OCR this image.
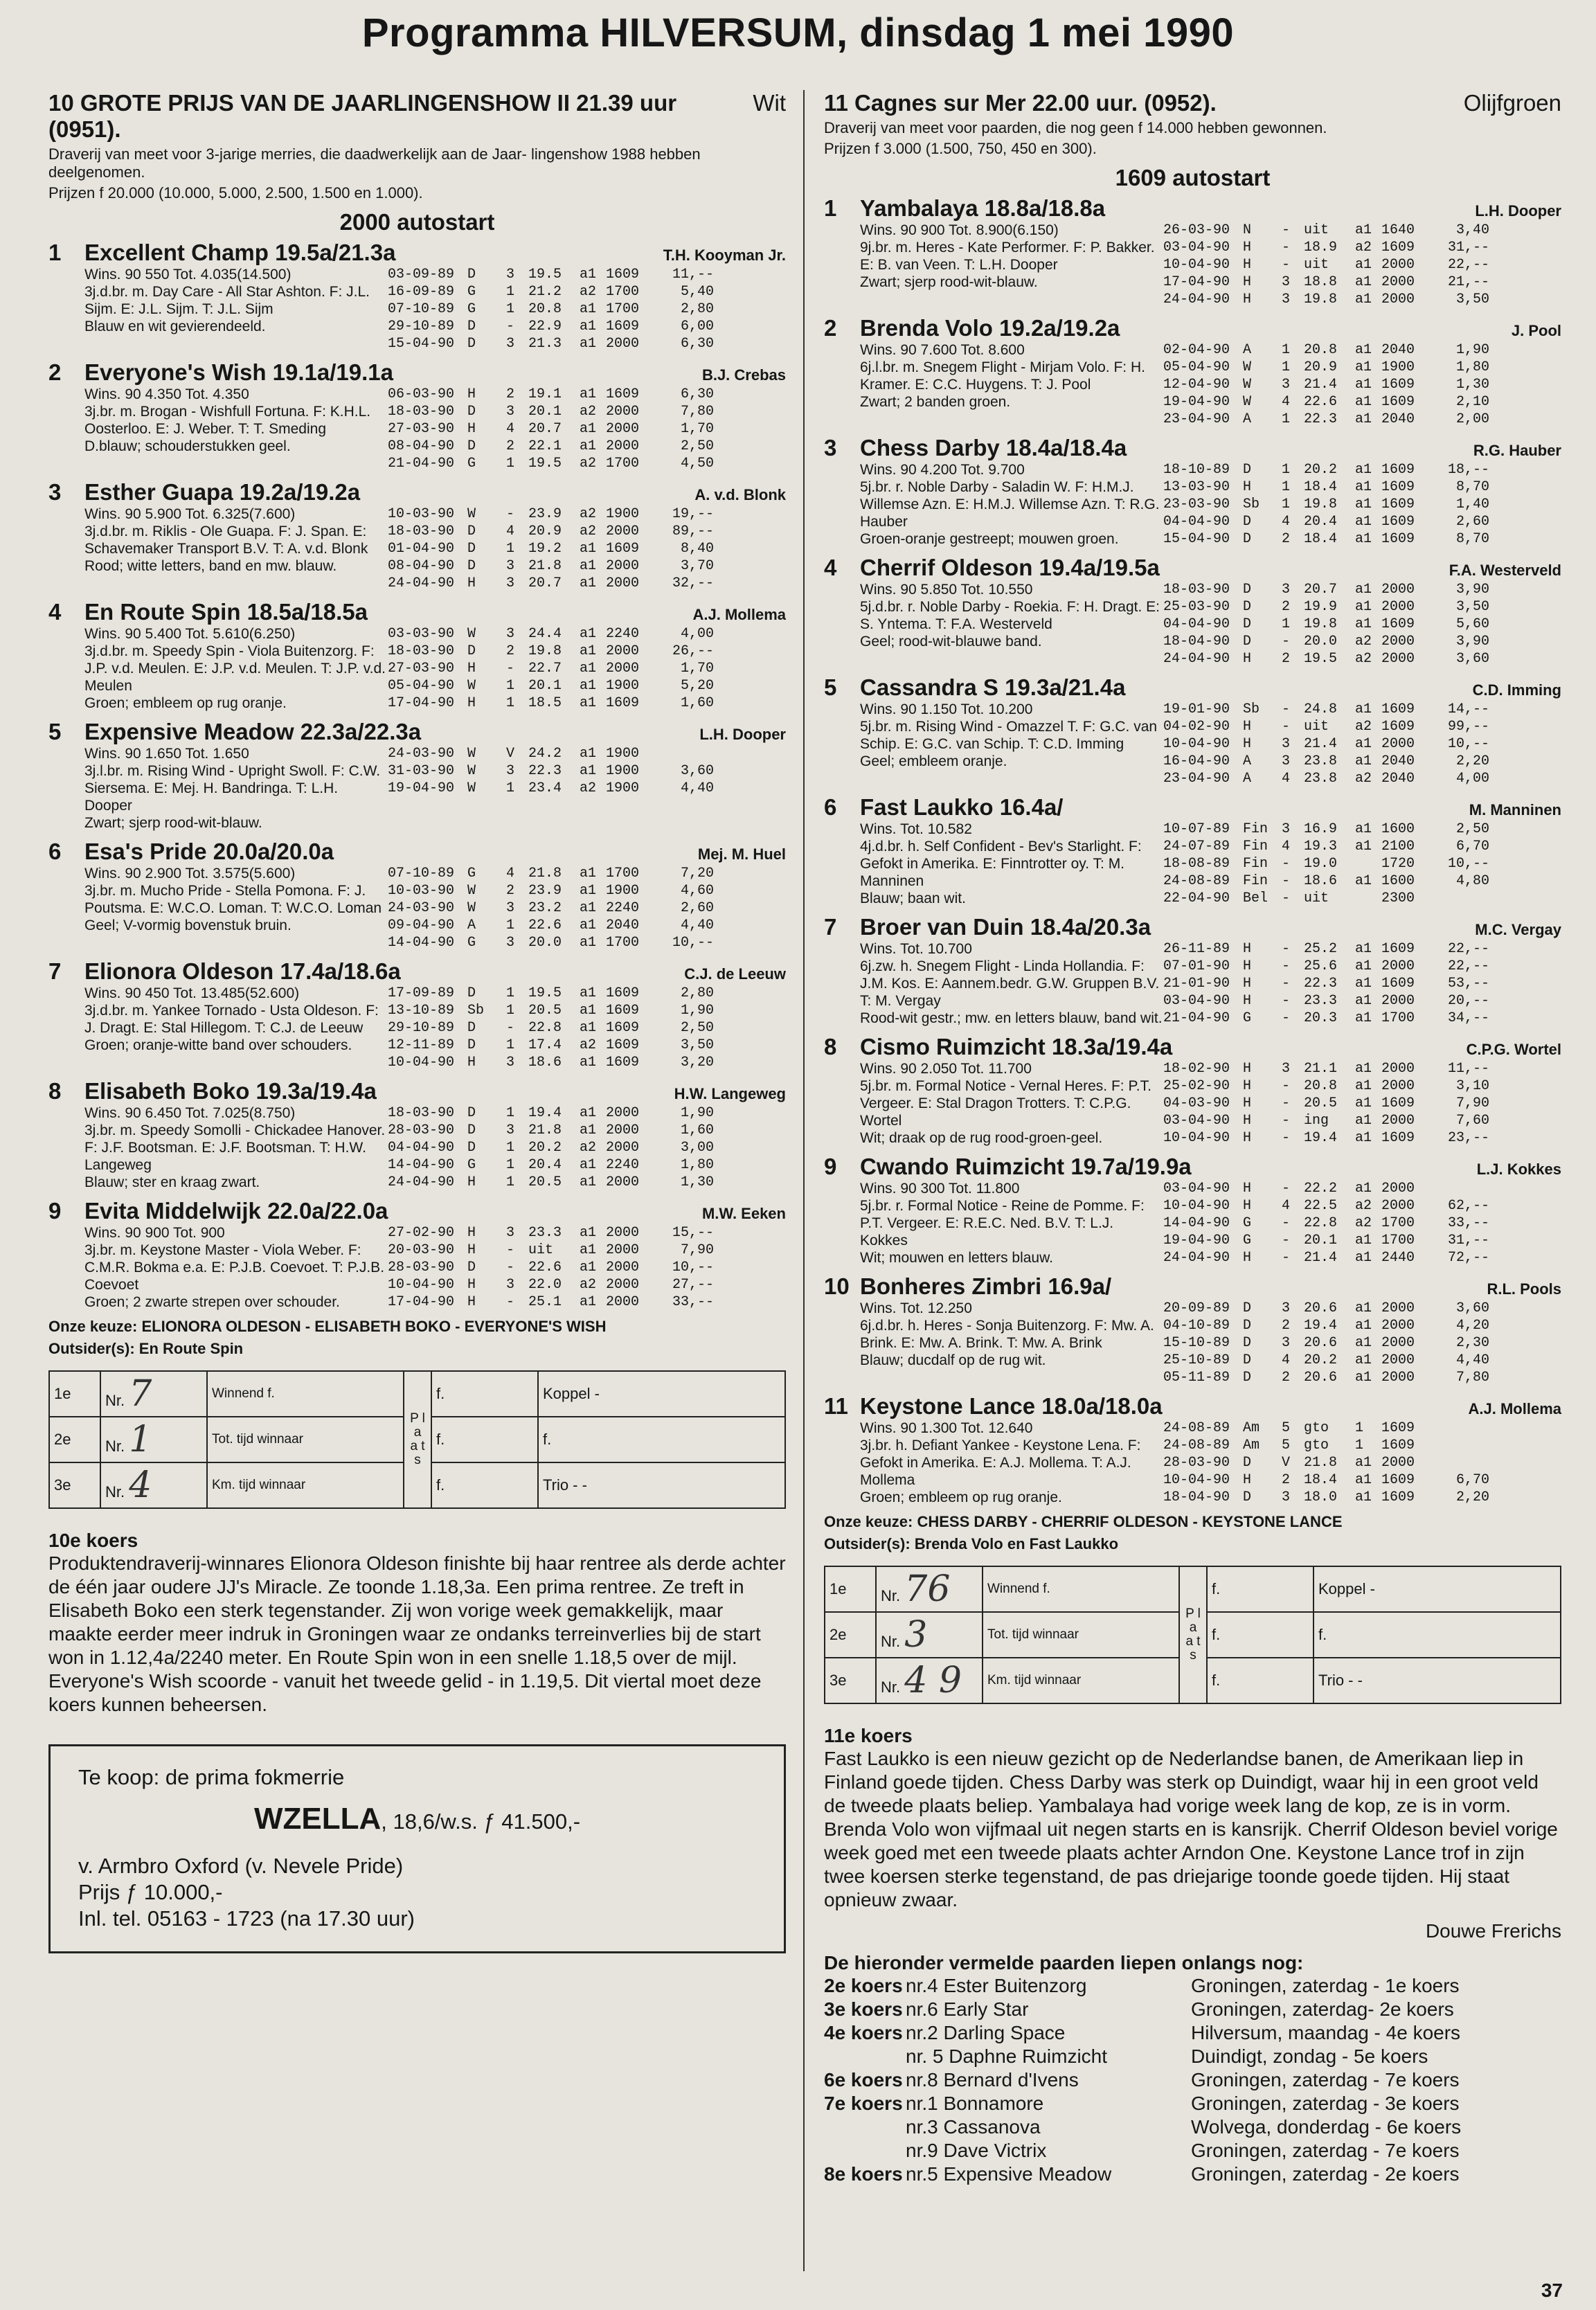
Programma HILVERSUM, dinsdag 1 mei 1990
10 GROTE PRIJS VAN DE JAARLINGENSHOW II 21.39 uur (0951).
Wit
Draverij van meet voor 3-jarige merries, die daadwerkelijk aan de Jaar- lingenshow 1988 hebben deelgenomen.
Prijzen f 20.000 (10.000, 5.000, 2.500, 1.500 en 1.000).
2000 autostart
1 Excellent Champ 19.5a/21.3a	T.H. Kooyman Jr.
Wins. 90 550 Tot. 4.035(14.500)
3j.d.br. m. Day Care - All Star Ashton. F: J.L. Sijm. E: J.L. Sijm. T: J.L. Sijm
Blauw en wit gevierendeeld.
03-09-89 D	3 19.5	a1 1609	11,--
16-09-89 G	1 21.2	a2 1700	5,40
07-10-89 G	1 20.8	a1 1700	2,80
29-10-89 D	- 22.9	a1 1609	6,00
15-04-90 D	3 21.3	a1 2000	6,30
2 Everyone's Wish 19.1a/19.1a	B.J. Crebas
Wins. 90 4.350 Tot. 4.350
3j.br. m. Brogan - Wishfull Fortuna. F: K.H.L. Oosterloo. E: J. Weber. T: T. Smeding
D.blauw; schouderstukken geel.
06-03-90 H	2 19.1	a1 1609	6,30
18-03-90 D	3 20.1	a2 2000	7,80
27-03-90 H	4 20.7	a1 2000	1,70
08-04-90 D	2 22.1	a1 2000	2,50
21-04-90 G	1 19.5	a2 1700	4,50
3 Esther Guapa 19.2a/19.2a	A. v.d. Blonk
Wins. 90 5.900 Tot. 6.325(7.600)
3j.d.br. m. Riklis - Ole Guapa. F: J. Span. E: Schavemaker Transport B.V. T: A. v.d. Blonk
Rood; witte letters, band en mw. blauw.
10-03-90 W	- 23.9	a2 1900	19,--
18-03-90 D	4 20.9	a2 2000	89,--
01-04-90 D	1 19.2	a1 1609	8,40
08-04-90 D	3 21.8	a1 2000	3,70
24-04-90 H	3 20.7	a1 2000	32,--
4 En Route Spin 18.5a/18.5a	A.J. Mollema
Wins. 90 5.400 Tot. 5.610(6.250)
3j.d.br. m. Speedy Spin - Viola Buitenzorg. F: J.P. v.d. Meulen. E: J.P. v.d. Meulen. T: J.P. v.d. Meulen
Groen; embleem op rug oranje.
03-03-90 W	3 24.4	a1 2240	4,00
18-03-90 D	2 19.8	a1 2000	26,--
27-03-90 H	- 22.7	a1 2000	1,70
05-04-90 W	1 20.1	a1 1900	5,20
17-04-90 H	1 18.5	a1 1609	1,60
5 Expensive Meadow 22.3a/22.3a	L.H. Dooper
Wins. 90 1.650 Tot. 1.650
3j.l.br. m. Rising Wind - Upright Swoll. F: C.W. Siersema. E: Mej. H. Bandringa. T: L.H. Dooper
Zwart; sjerp rood-wit-blauw.
24-03-90 W	V 24.2	a1 1900
31-03-90 W	3 22.3	a1 1900	3,60
19-04-90 W	1 23.4	a2 1900	4,40
6 Esa's Pride 20.0a/20.0a	Mej. M. Huel
Wins. 90 2.900 Tot. 3.575(5.600)
3j.br. m. Mucho Pride - Stella Pomona. F: J. Poutsma. E: W.C.O. Loman. T: W.C.O. Loman
Geel; V-vormig bovenstuk bruin.
07-10-89 G	4 21.8	a1 1700	7,20
10-03-90 W	2 23.9	a1 1900	4,60
24-03-90 W	3 23.2	a1 2240	2,60
09-04-90 A	1 22.6	a1 2040	4,40
14-04-90 G	3 20.0	a1 1700	10,--
7 Elionora Oldeson 17.4a/18.6a	C.J. de Leeuw
Wins. 90 450 Tot. 13.485(52.600)
3j.d.br. m. Yankee Tornado - Usta Oldeson. F: J. Dragt. E: Stal Hillegom. T: C.J. de Leeuw
Groen; oranje-witte band over schouders.
17-09-89 D	1 19.5	a1 1609	2,80
13-10-89 Sb	1 20.5	a1 1609	1,90
29-10-89 D	- 22.8	a1 1609	2,50
12-11-89 D	1 17.4	a2 1609	3,50
10-04-90 H	3 18.6	a1 1609	3,20
8 Elisabeth Boko 19.3a/19.4a	H.W. Langeweg
Wins. 90 6.450 Tot. 7.025(8.750)
3j.br. m. Speedy Somolli - Chickadee Hanover. F: J.F. Bootsman. E: J.F. Bootsman. T: H.W. Langeweg
Blauw; ster en kraag zwart.
18-03-90 D	1 19.4	a1 2000	1,90
28-03-90 D	3 21.8	a1 2000	1,60
04-04-90 D	1 20.2	a2 2000	3,00
14-04-90 G	1 20.4	a1 2240	1,80
24-04-90 H	1 20.5	a1 2000	1,30
9 Evita Middelwijk 22.0a/22.0a	M.W. Eeken
Wins. 90 900 Tot. 900
3j.br. m. Keystone Master - Viola Weber. F: C.M.R. Bokma e.a. E: P.J.B. Coevoet. T: P.J.B. Coevoet
Groen; 2 zwarte strepen over schouder.
27-02-90 H	3 23.3	a1 2000	15,--
20-03-90 H	- uit	a1 2000	7,90
28-03-90 D	- 22.6	a1 2000	10,--
10-04-90 H	3 22.0	a2 2000	27,--
17-04-90 H	- 25.1	a1 2000	33,--
Onze keuze: ELIONORA OLDESON - ELISABETH BOKO - EVERYONE'S WISH
Outsider(s): En Route Spin
1e	Nr. 7	Winnend f.	P l a a t s	f.	Koppel -
2e	Nr. 1	Tot. tijd winnaar		f.	f.
3e	Nr. 4	Km. tijd winnaar		f.	Trio - -
10e koers
Produktendraverij-winnares Elionora Oldeson finishte bij haar rentree als derde achter de één jaar oudere JJ's Miracle. Ze toonde 1.18,3a. Een prima rentree. Ze treft in Elisabeth Boko een sterk tegenstander. Zij won vorige week gemakkelijk, maar maakte eerder meer indruk in Groningen waar ze ondanks terreinverlies bij de start won in 1.12,4a/2240 meter. En Route Spin won in een snelle 1.18,5 over de mijl. Everyone's Wish scoorde - vanuit het tweede gelid - in 1.19,5. Dit viertal moet deze koers kunnen beheersen.
Te koop: de prima fokmerrie
WZELLA, 18,6/w.s. ƒ 41.500,-
v. Armbro Oxford (v. Nevele Pride)
Prijs ƒ 10.000,-
Inl. tel. 05163 - 1723 (na 17.30 uur)
11 Cagnes sur Mer 22.00 uur. (0952).	Olijfgroen
Draverij van meet voor paarden, die nog geen f 14.000 hebben gewonnen.
Prijzen f 3.000 (1.500, 750, 450 en 300).
1609 autostart
1 Yambalaya 18.8a/18.8a	L.H. Dooper
Wins. 90 900 Tot. 8.900(6.150)
9j.br. m. Heres - Kate Performer. F: P. Bakker. E: B. van Veen. T: L.H. Dooper
Zwart; sjerp rood-wit-blauw.
26-03-90 N	- uit	a1 1640	3,40
03-04-90 H	- 18.9	a2 1609	31,--
10-04-90 H	- uit	a1 2000	22,--
17-04-90 H	3 18.8	a1 2000	21,--
24-04-90 H	3 19.8	a1 2000	3,50
2 Brenda Volo 19.2a/19.2a	J. Pool
Wins. 90 7.600 Tot. 8.600
6j.l.br. m. Snegem Flight - Mirjam Volo. F: H. Kramer. E: C.C. Huygens. T: J. Pool
Zwart; 2 banden groen.
02-04-90 A	1 20.8	a1 2040	1,90
05-04-90 W	1 20.9	a1 1900	1,80
12-04-90 W	3 21.4	a1 1609	1,30
19-04-90 W	4 22.6	a1 1609	2,10
23-04-90 A	1 22.3	a1 2040	2,00
3 Chess Darby 18.4a/18.4a	R.G. Hauber
Wins. 90 4.200 Tot. 9.700
5j.br. r. Noble Darby - Saladin W. F: H.M.J. Willemse Azn. E: H.M.J. Willemse Azn. T: R.G. Hauber
Groen-oranje gestreept; mouwen groen.
18-10-89 D	1 20.2	a1 1609	18,--
13-03-90 H	1 18.4	a1 1609	8,70
23-03-90 Sb	1 19.8	a1 1609	1,40
04-04-90 D	4 20.4	a1 1609	2,60
15-04-90 D	2 18.4	a1 1609	8,70
4 Cherrif Oldeson 19.4a/19.5a	F.A. Westerveld
Wins. 90 5.850 Tot. 10.550
5j.d.br. r. Noble Darby - Roekia. F: H. Dragt. E: S. Yntema. T: F.A. Westerveld
Geel; rood-wit-blauwe band.
18-03-90 D	3 20.7	a1 2000	3,90
25-03-90 D	2 19.9	a1 2000	3,50
04-04-90 D	1 19.8	a1 1609	5,60
18-04-90 D	- 20.0	a2 2000	3,90
24-04-90 H	2 19.5	a2 2000	3,60
5 Cassandra S 19.3a/21.4a	C.D. Imming
Wins. 90 1.150 Tot. 10.200
5j.br. m. Rising Wind - Omazzel T. F: G.C. van Schip. E: G.C. van Schip. T: C.D. Imming
Geel; embleem oranje.
19-01-90 Sb	- 24.8	a1 1609	14,--
04-02-90 H	- uit	a2 1609	99,--
10-04-90 H	3 21.4	a1 2000	10,--
16-04-90 A	3 23.8	a1 2040	2,20
23-04-90 A	4 23.8	a2 2040	4,00
6 Fast Laukko 16.4a/	M. Manninen
Wins. Tot. 10.582
4j.d.br. h. Self Confident - Bev's Starlight. F: Gefokt in Amerika. E: Finntrotter oy. T: M. Manninen
Blauw; baan wit.
10-07-89 Fin 3 16.9	a1 1600	2,50
24-07-89 Fin 4 19.3	a1 2100	6,70
18-08-89 Fin - 19.0	1720	10,--
24-08-89 Fin - 18.6	a1 1600	4,80
22-04-90 Bel - uit	2300
7 Broer van Duin 18.4a/20.3a	M.C. Vergay
Wins. Tot. 10.700
6j.zw. h. Snegem Flight - Linda Hollandia. F: J.M. Kos. E: Aannem.bedr. G.W. Gruppen B.V. T: M. Vergay
Rood-wit gestr.; mw. en letters blauw, band wit.
26-11-89 H	- 25.2	a1 1609	22,--
07-01-90 H	- 25.6	a1 2000	22,--
21-01-90 H	- 22.3	a1 1609	53,--
03-04-90 H	- 23.3	a1 2000	20,--
21-04-90 G	- 20.3	a1 1700	34,--
8 Cismo Ruimzicht 18.3a/19.4a	C.P.G. Wortel
Wins. 90 2.050 Tot. 11.700
5j.br. m. Formal Notice - Vernal Heres. F: P.T. Vergeer. E: Stal Dragon Trotters. T: C.P.G. Wortel
Wit; draak op de rug rood-groen-geel.
18-02-90 H	3 21.1	a1 2000	11,--
25-02-90 H	- 20.8	a1 2000	3,10
04-03-90 H	- 20.5	a1 1609	7,90
03-04-90 H	- ing	a1 2000	7,60
10-04-90 H	- 19.4	a1 1609	23,--
9 Cwando Ruimzicht 19.7a/19.9a	L.J. Kokkes
Wins. 90 300 Tot. 11.800
5j.br. r. Formal Notice - Reine de Pomme. F: P.T. Vergeer. E: R.E.C. Ned. B.V. T: L.J. Kokkes
Wit; mouwen en letters blauw.
03-04-90 H	- 22.2	a1 2000
10-04-90 H	4 22.5	a2 2000	62,--
14-04-90 G	- 22.8	a2 1700	33,--
19-04-90 G	- 20.1	a1 1700	31,--
24-04-90 H	- 21.4	a1 2440	72,--
10 Bonheres Zimbri 16.9a/	R.L. Pools
Wins. Tot. 12.250
6j.d.br. h. Heres - Sonja Buitenzorg. F: Mw. A. Brink. E: Mw. A. Brink. T: Mw. A. Brink
Blauw; ducdalf op de rug wit.
20-09-89 D	3 20.6	a1 2000	3,60
04-10-89 D	2 19.4	a1 2000	4,20
15-10-89 D	3 20.6	a1 2000	2,30
25-10-89 D	4 20.2	a1 2000	4,40
05-11-89 D	2 20.6	a1 2000	7,80
11 Keystone Lance 18.0a/18.0a	A.J. Mollema
Wins. 90 1.300 Tot. 12.640
3j.br. h. Defiant Yankee - Keystone Lena. F: Gefokt in Amerika. E: A.J. Mollema. T: A.J. Mollema
Groen; embleem op rug oranje.
24-08-89 Am	5 gto	1	1609
24-08-89 Am	5 gto	1	1609
28-03-90 D	V 21.8	a1 2000
10-04-90 H	2 18.4	a1 1609	6,70
18-04-90 D	3 18.0	a1 1609	2,20
Onze keuze: CHESS DARBY - CHERRIF OLDESON - KEYSTONE LANCE
Outsider(s): Brenda Volo en Fast Laukko
1e	Nr. 76	Winnend f.	P l a a t s	f.	Koppel -
2e	Nr. 3	Tot. tijd winnaar		f.	f.
3e	Nr. 4 9	Km. tijd winnaar		f.	Trio - -
11e koers
Fast Laukko is een nieuw gezicht op de Nederlandse banen, de Amerikaan liep in Finland goede tijden. Chess Darby was sterk op Duindigt, waar hij in een groot veld de tweede plaats beliep. Yambalaya had vorige week lang de kop, ze is in vorm. Brenda Volo won vijfmaal uit negen starts en is kansrijk. Cherrif Oldeson beviel vorige week goed met een tweede plaats achter Arndon One. Keystone Lance trof in zijn twee koersen sterke tegenstand, de pas driejarige toonde goede tijden. Hij staat opnieuw zwaar.
Douwe Frerichs
De hieronder vermelde paarden liepen onlangs nog:
2e koers nr.4 Ester Buitenzorg	Groningen, zaterdag - 1e koers
3e koers nr.6 Early Star	Groningen, zaterdag- 2e koers
4e koers nr.2 Darling Space	Hilversum, maandag - 4e koers
nr. 5 Daphne Ruimzicht	Duindigt, zondag - 5e koers
6e koers nr.8 Bernard d'Ivens	Groningen, zaterdag - 7e koers
7e koers nr.1 Bonnamore	Groningen, zaterdag - 3e koers
nr.3 Cassanova	Wolvega, donderdag - 6e koers
nr.9 Dave Victrix	Groningen, zaterdag - 7e koers
8e koers nr.5 Expensive Meadow	Groningen, zaterdag - 2e koers
37
